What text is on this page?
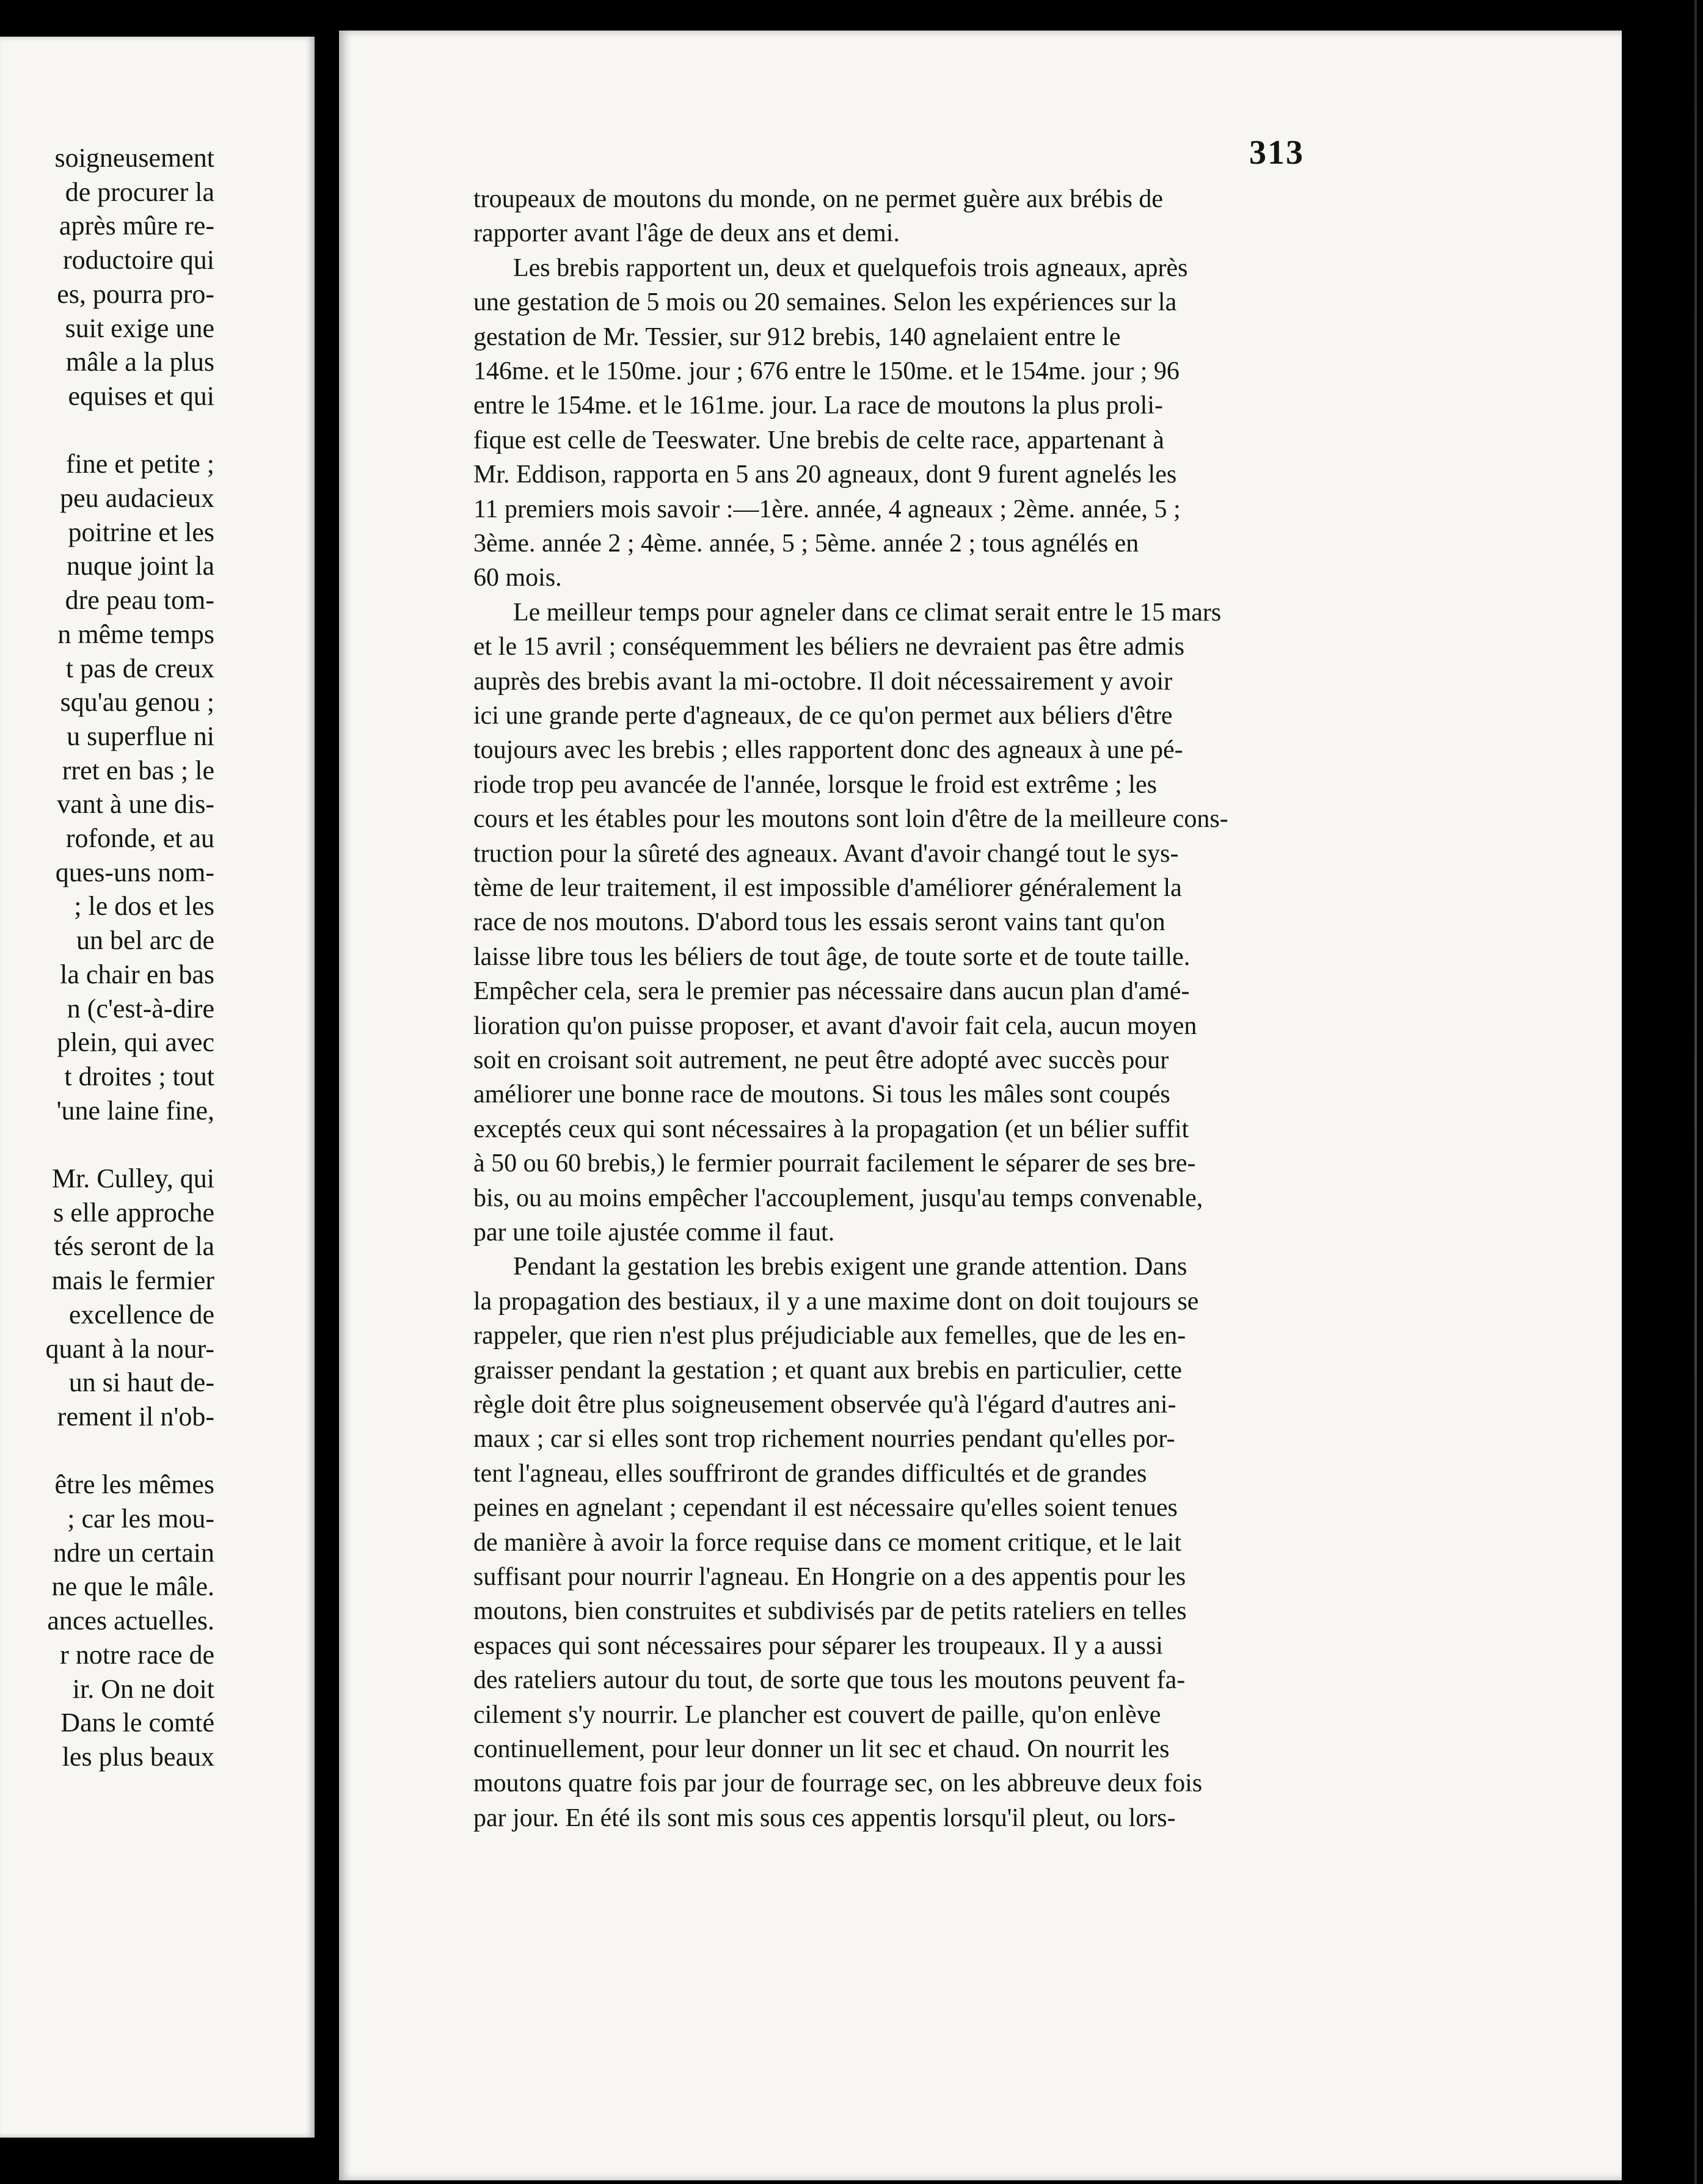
soigneusement
de procurer la
après mûre re-
roductoire qui
es, pourra pro-
suit exige une
mâle a la plus
equises et qui
fine et petite ;
peu audacieux
poitrine et les
nuque joint la
dre peau tom-
n même temps
t pas de creux
squ'au genou ;
u superflue ni
rret en bas ; le
vant à une dis-
rofonde, et au
ques-uns nom-
; le dos et les
un bel arc de
la chair en bas
n (c'est-à-dire
plein, qui avec
t droites ; tout
'une laine fine,
Mr. Culley, qui
s elle approche
tés seront de la
mais le fermier
excellence de
quant à la nour-
un si haut de-
rement il n'ob-
être les mêmes
; car les mou-
ndre un certain
ne que le mâle.
ances actuelles.
r notre race de
ir. On ne doit
Dans le comté
les plus beaux
313
troupeaux de moutons du monde, on ne permet guère aux brébis de
rapporter avant l'âge de deux ans et demi.
Les brebis rapportent un, deux et quelquefois trois agneaux, après
une gestation de 5 mois ou 20 semaines. Selon les expériences sur la
gestation de Mr. Tessier, sur 912 brebis, 140 agnelaient entre le
146me. et le 150me. jour ; 676 entre le 150me. et le 154me. jour ; 96
entre le 154me. et le 161me. jour. La race de moutons la plus proli-
fique est celle de Teeswater. Une brebis de celte race, appartenant à
Mr. Eddison, rapporta en 5 ans 20 agneaux, dont 9 furent agnelés les
11 premiers mois savoir :—1ère. année, 4 agneaux ; 2ème. année, 5 ;
3ème. année 2 ; 4ème. année, 5 ; 5ème. année 2 ; tous agnélés en
60 mois.
Le meilleur temps pour agneler dans ce climat serait entre le 15 mars
et le 15 avril ; conséquemment les béliers ne devraient pas être admis
auprès des brebis avant la mi-octobre. Il doit nécessairement y avoir
ici une grande perte d'agneaux, de ce qu'on permet aux béliers d'être
toujours avec les brebis ; elles rapportent donc des agneaux à une pé-
riode trop peu avancée de l'année, lorsque le froid est extrême ; les
cours et les étables pour les moutons sont loin d'être de la meilleure cons-
truction pour la sûreté des agneaux. Avant d'avoir changé tout le sys-
tème de leur traitement, il est impossible d'améliorer généralement la
race de nos moutons. D'abord tous les essais seront vains tant qu'on
laisse libre tous les béliers de tout âge, de toute sorte et de toute taille.
Empêcher cela, sera le premier pas nécessaire dans aucun plan d'amé-
lioration qu'on puisse proposer, et avant d'avoir fait cela, aucun moyen
soit en croisant soit autrement, ne peut être adopté avec succès pour
améliorer une bonne race de moutons. Si tous les mâles sont coupés
exceptés ceux qui sont nécessaires à la propagation (et un bélier suffit
à 50 ou 60 brebis,) le fermier pourrait facilement le séparer de ses bre-
bis, ou au moins empêcher l'accouplement, jusqu'au temps convenable,
par une toile ajustée comme il faut.
Pendant la gestation les brebis exigent une grande attention. Dans
la propagation des bestiaux, il y a une maxime dont on doit toujours se
rappeler, que rien n'est plus préjudiciable aux femelles, que de les en-
graisser pendant la gestation ; et quant aux brebis en particulier, cette
règle doit être plus soigneusement observée qu'à l'égard d'autres ani-
maux ; car si elles sont trop richement nourries pendant qu'elles por-
tent l'agneau, elles souffriront de grandes difficultés et de grandes
peines en agnelant ; cependant il est nécessaire qu'elles soient tenues
de manière à avoir la force requise dans ce moment critique, et le lait
suffisant pour nourrir l'agneau. En Hongrie on a des appentis pour les
moutons, bien construites et subdivisés par de petits rateliers en telles
espaces qui sont nécessaires pour séparer les troupeaux. Il y a aussi
des rateliers autour du tout, de sorte que tous les moutons peuvent fa-
cilement s'y nourrir. Le plancher est couvert de paille, qu'on enlève
continuellement, pour leur donner un lit sec et chaud. On nourrit les
moutons quatre fois par jour de fourrage sec, on les abbreuve deux fois
par jour. En été ils sont mis sous ces appentis lorsqu'il pleut, ou lors-
